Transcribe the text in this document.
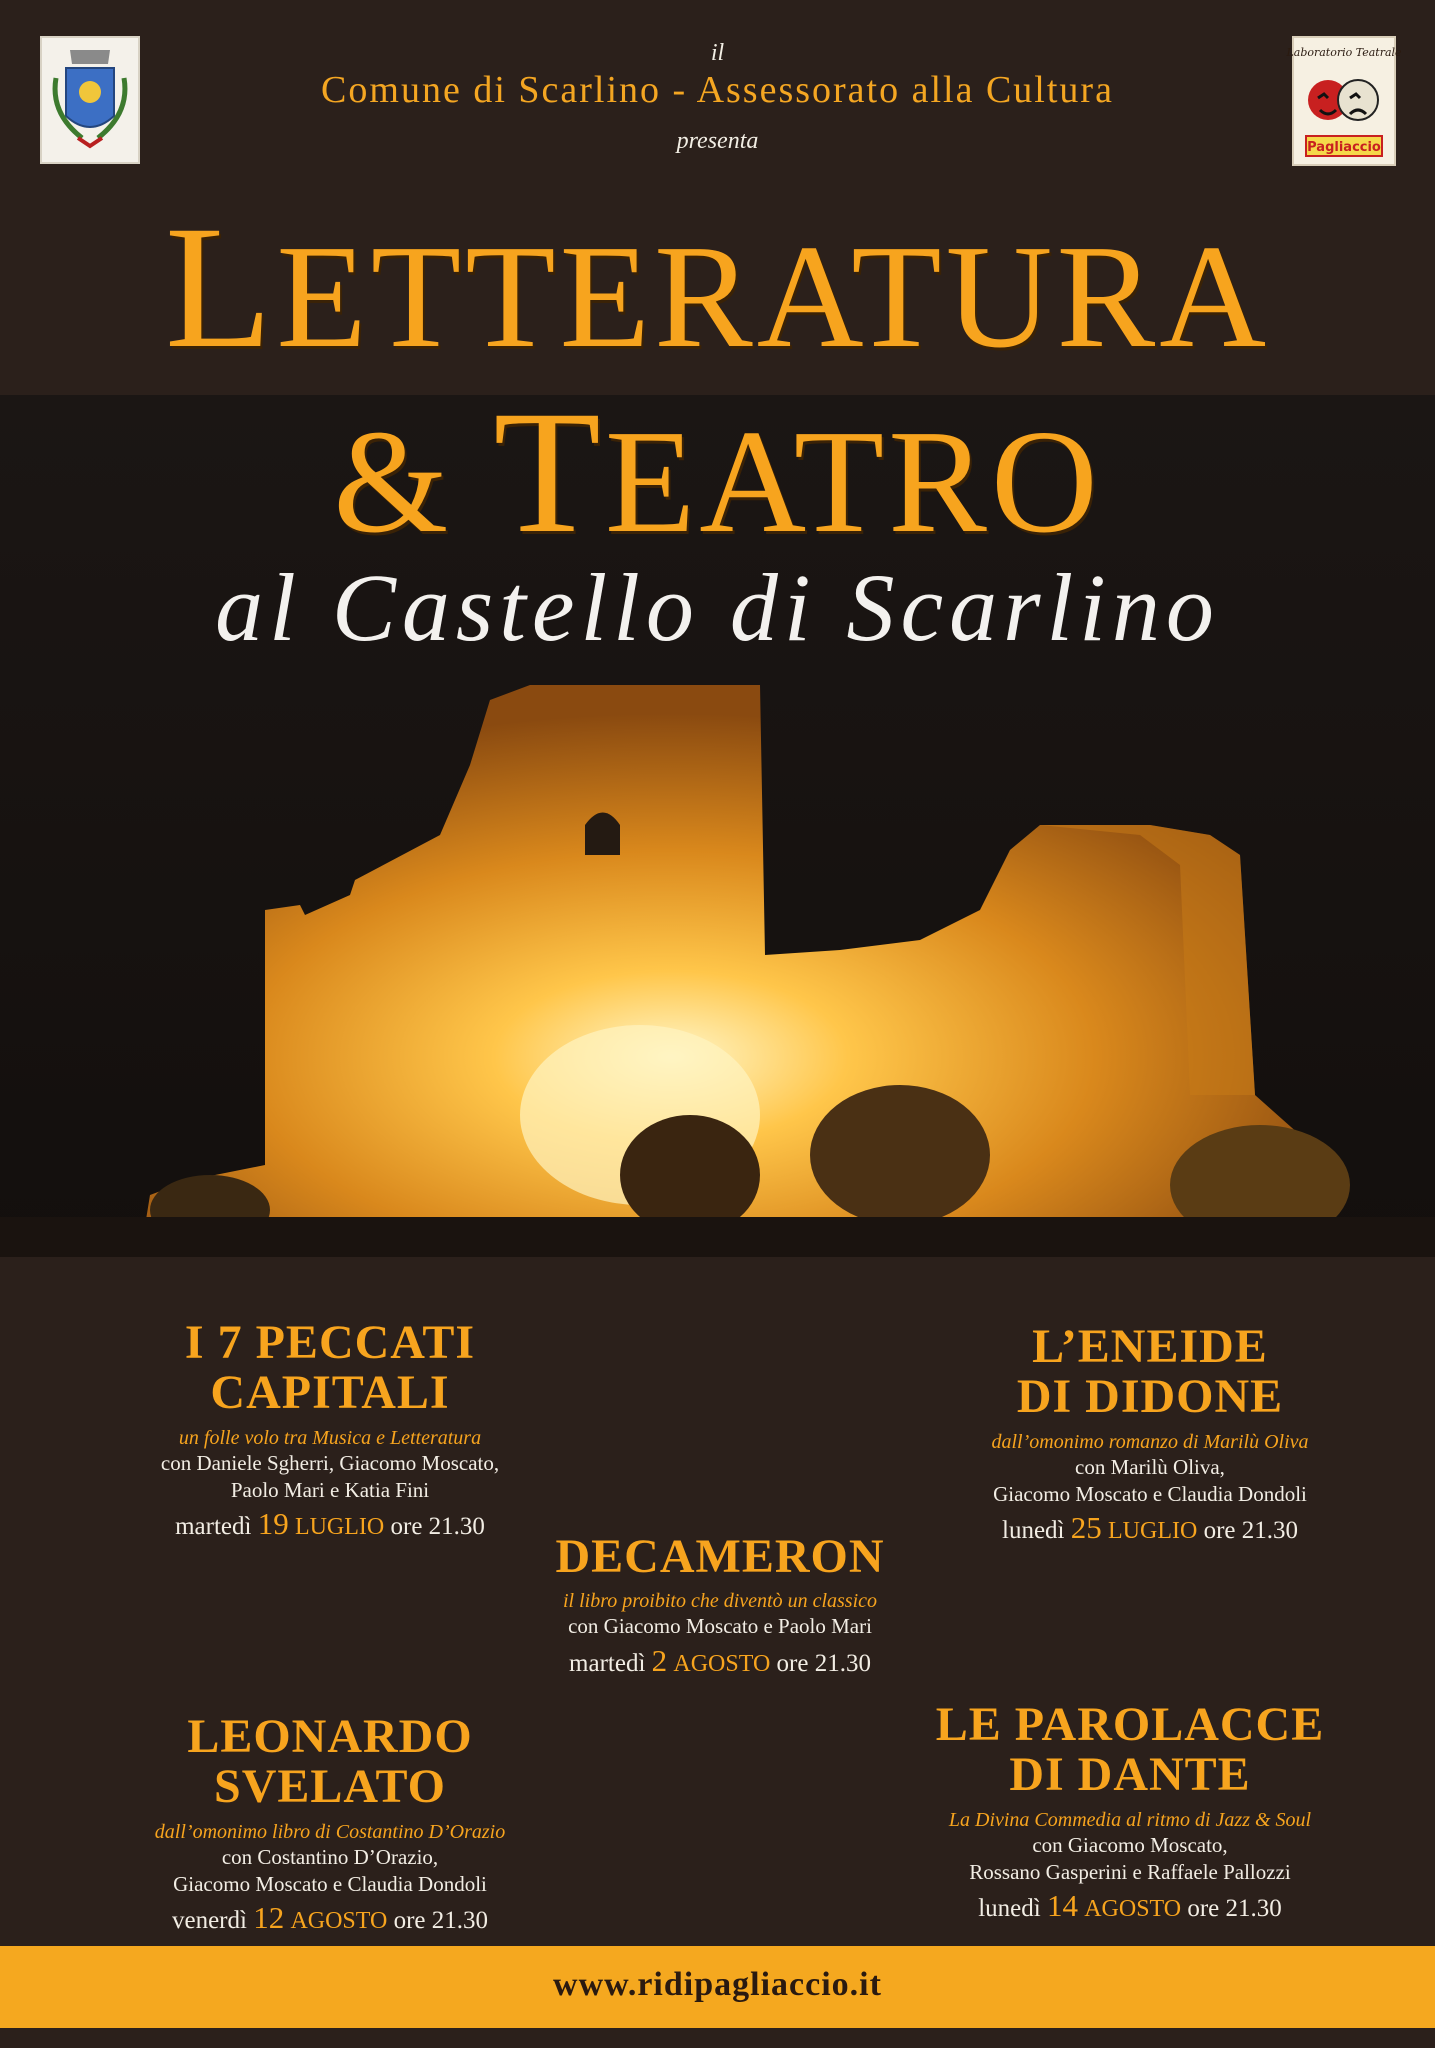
Laboratorio Teatrale
Pagliaccio
il
Comune di Scarlino - Assessorato alla Cultura
presenta
LETTERATURA
& TEATRO
al Castello di Scarlino
I 7 PECCATI
CAPITALI
un folle volo tra Musica e Letteratura
con Daniele Sgherri, Giacomo Moscato,
Paolo Mari e Katia Fini
martedì 19 LUGLIO ore 21.30
L’ENEIDE
DI DIDONE
dall’omonimo romanzo di Marilù Oliva
con Marilù Oliva,
Giacomo Moscato e Claudia Dondoli
lunedì 25 LUGLIO ore 21.30
DECAMERON
il libro proibito che diventò un classico
con Giacomo Moscato e Paolo Mari
martedì 2 AGOSTO ore 21.30
LEONARDO
SVELATO
dall’omonimo libro di Costantino D’Orazio
con Costantino D’Orazio,
Giacomo Moscato e Claudia Dondoli
venerdì 12 AGOSTO ore 21.30
LE PAROLACCE
DI DANTE
La Divina Commedia al ritmo di Jazz & Soul
con Giacomo Moscato,
Rossano Gasperini e Raffaele Pallozzi
lunedì 14 AGOSTO ore 21.30
www.ridipagliaccio.it
